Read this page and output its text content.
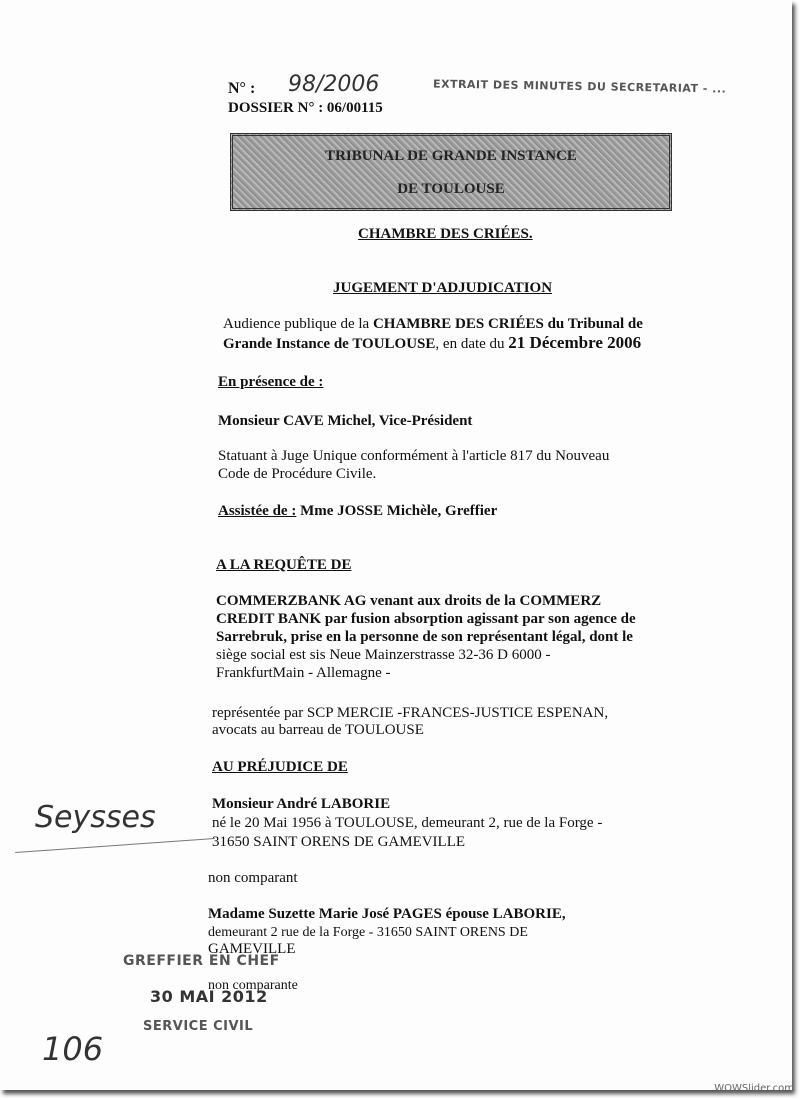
N° : 98/2006
DOSSIER N° : 06/00115
EXTRAIT DES MINUTES DU SECRETARIAT - ...
TRIBUNAL DE GRANDE INSTANCE
DE TOULOUSE
CHAMBRE DES CRIÉES.
JUGEMENT D'ADJUDICATION
Audience publique de la CHAMBRE DES CRIÉES du Tribunal de
Grande Instance de TOULOUSE, en date du 21 Décembre 2006
En présence de :
Monsieur CAVE Michel, Vice-Président
Statuant à Juge Unique conformément à l'article 817 du Nouveau
Code de Procédure Civile.
Assistée de : Mme JOSSE Michèle, Greffier
A LA REQUÊTE DE
COMMERZBANK AG venant aux droits de la COMMERZ
CREDIT BANK par fusion absorption agissant par son agence de
Sarrebruk, prise en la personne de son représentant légal, dont le
siège social est sis Neue Mainzerstrasse 32-36 D 6000 -
FrankfurtMain - Allemagne -
représentée par SCP MERCIE -FRANCES-JUSTICE ESPENAN,
avocats au barreau de TOULOUSE
AU PRÉJUDICE DE
Monsieur André LABORIE
né le 20 Mai 1956 à TOULOUSE, demeurant 2, rue de la Forge -
31650 SAINT ORENS DE GAMEVILLE
non comparant
Madame Suzette Marie José PAGES épouse LABORIE,
demeurant 2 rue de la Forge - 31650 SAINT ORENS DE
GAMEVILLE
non comparante
Seysses
106
GREFFIER EN CHEF
30 MAI 2012
SERVICE CIVIL
WOWSlider.com
